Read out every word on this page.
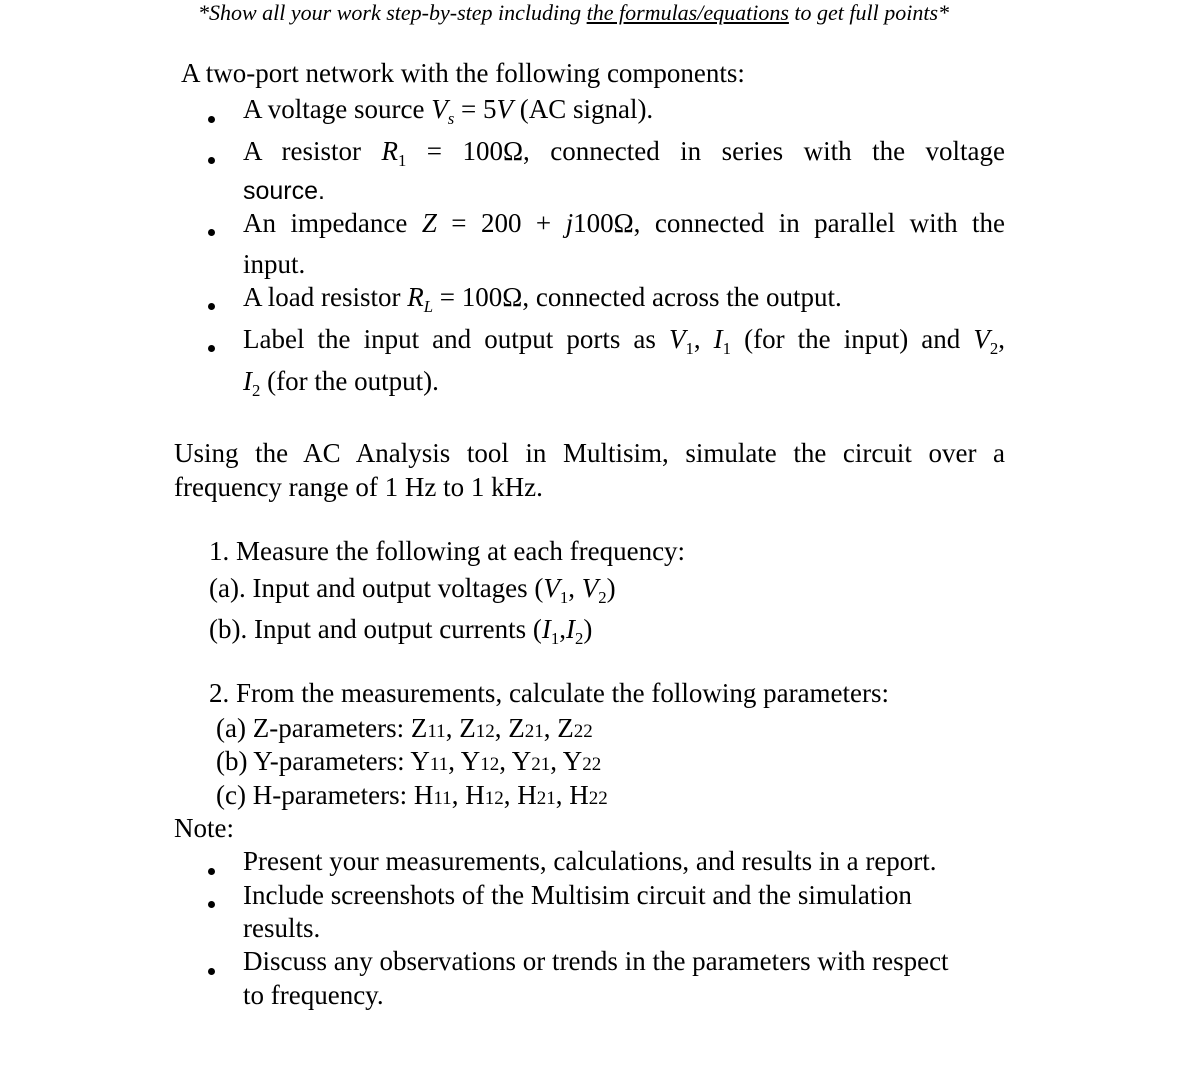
*Show all your work step-by-step including the formulas/equations to get full points*
A two-port network with the following components:
A voltage source $V_s = 5V$ (AC signal).
A resistor $R_1 = 100\Omega$, connected in series with the voltage
source.
An impedance Z = 200 + j100Ω, connected in parallel with the
input.
A load resistor $R_L = 100\Omega$, connected across the output.
Label the input and output ports as $V_1$, $I_1$ (for the input) and $V_2$,
$I_2$ (for the output).
Using the AC Analysis tool in Multisim, simulate the circuit over a
frequency range of 1 Hz to 1 kHz.
1. Measure the following at each frequency:
(a). Input and output voltages ($V_1$, $V_2$)
(b). Input and output currents $(I_1,I_2)$
2. From the measurements, calculate the following parameters:
(a) Z-parameters: Z11, Z12, Z21, Z22
(b) Y-parameters: Y11, Y12, Y21, Y22
(c) H-parameters: H11, H12, H21, H22
Note:
Present your measurements, calculations, and results in a report.
Include screenshots of the Multisim circuit and the simulation
results.
Discuss any observations or trends in the parameters with respect
to frequency.
